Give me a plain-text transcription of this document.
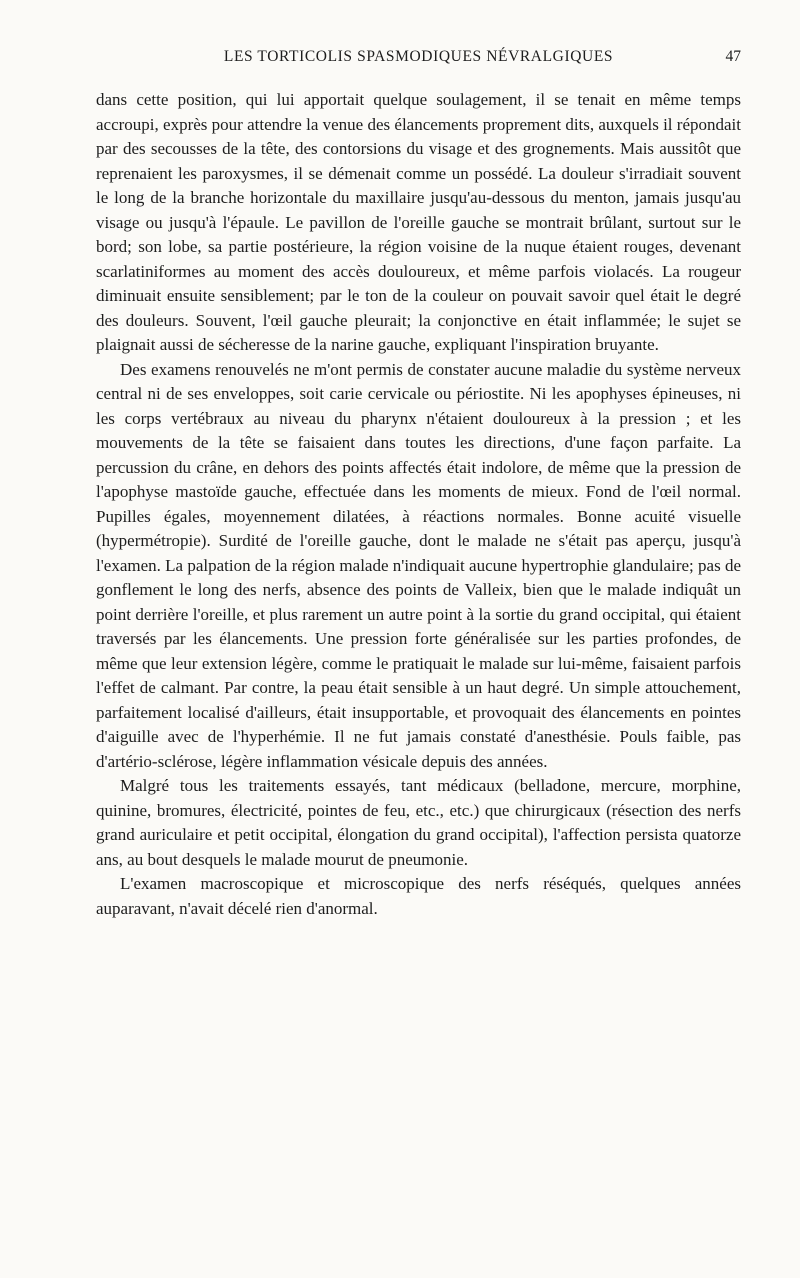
LES TORTICOLIS SPASMODIQUES NÉVRALGIQUES	47

dans cette position, qui lui apportait quelque soulagement, il se tenait en même temps accroupi, exprès pour attendre la venue des élancements proprement dits, auxquels il répondait par des secousses de la tête, des contorsions du visage et des grognements. Mais aussitôt que reprenaient les paroxysmes, il se démenait comme un possédé. La douleur s'irradiait souvent le long de la branche horizontale du maxillaire jusqu'au-dessous du menton, jamais jusqu'au visage ou jusqu'à l'épaule. Le pavillon de l'oreille gauche se montrait brûlant, surtout sur le bord; son lobe, sa partie postérieure, la région voisine de la nuque étaient rouges, devenant scarlatiniformes au moment des accès douloureux, et même parfois violacés. La rougeur diminuait ensuite sensiblement; par le ton de la couleur on pouvait savoir quel était le degré des douleurs. Souvent, l'œil gauche pleurait; la conjonctive en était inflammée; le sujet se plaignait aussi de sécheresse de la narine gauche, expliquant l'inspiration bruyante.

Des examens renouvelés ne m'ont permis de constater aucune maladie du système nerveux central ni de ses enveloppes, soit carie cervicale ou périostite. Ni les apophyses épineuses, ni les corps vertébraux au niveau du pharynx n'étaient douloureux à la pression ; et les mouvements de la tête se faisaient dans toutes les directions, d'une façon parfaite. La percussion du crâne, en dehors des points affectés était indolore, de même que la pression de l'apophyse mastoïde gauche, effectuée dans les moments de mieux. Fond de l'œil normal. Pupilles égales, moyennement dilatées, à réactions normales. Bonne acuité visuelle (hypermétropie). Surdité de l'oreille gauche, dont le malade ne s'était pas aperçu, jusqu'à l'examen. La palpation de la région malade n'indiquait aucune hypertrophie glandulaire; pas de gonflement le long des nerfs, absence des points de Valleix, bien que le malade indiquât un point derrière l'oreille, et plus rarement un autre point à la sortie du grand occipital, qui étaient traversés par les élancements. Une pression forte généralisée sur les parties profondes, de même que leur extension légère, comme le pratiquait le malade sur lui-même, faisaient parfois l'effet de calmant. Par contre, la peau était sensible à un haut degré. Un simple attouchement, parfaitement localisé d'ailleurs, était insupportable, et provoquait des élancements en pointes d'aiguille avec de l'hyperhémie. Il ne fut jamais constaté d'anesthésie. Pouls faible, pas d'artério-sclérose, légère inflammation vésicale depuis des années.

Malgré tous les traitements essayés, tant médicaux (belladone, mercure, morphine, quinine, bromures, électricité, pointes de feu, etc., etc.) que chirurgicaux (résection des nerfs grand auriculaire et petit occipital, élongation du grand occipital), l'affection persista quatorze ans, au bout desquels le malade mourut de pneumonie.

L'examen macroscopique et microscopique des nerfs réséqués, quelques années auparavant, n'avait décelé rien d'anormal.
